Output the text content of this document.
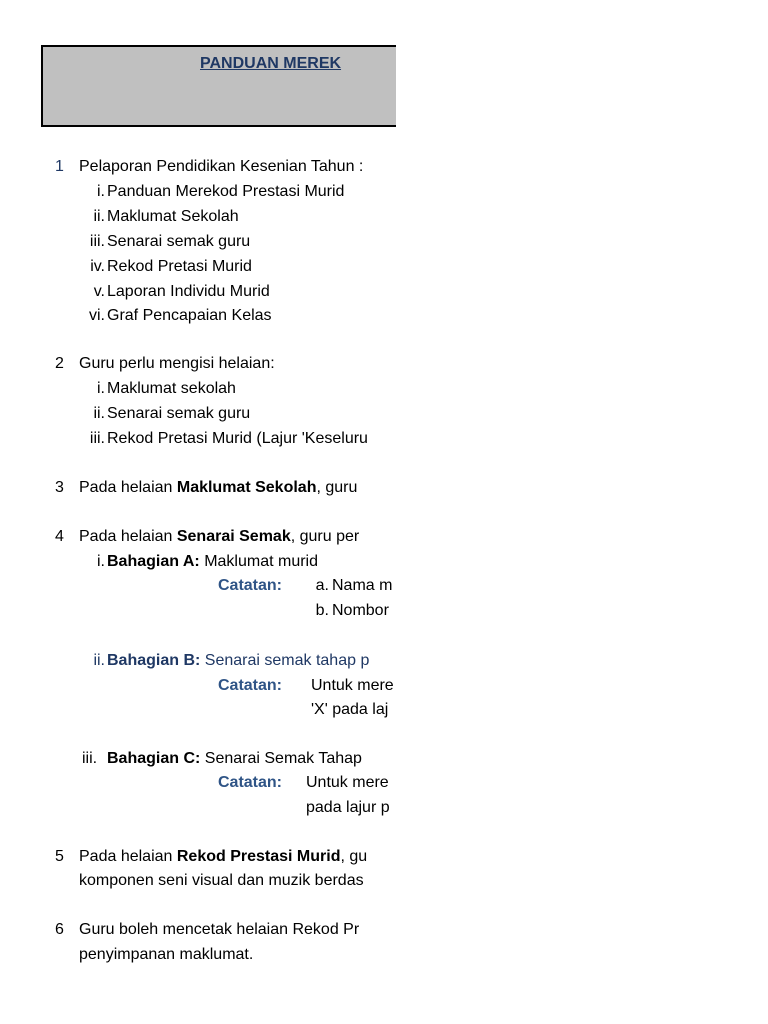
PANDUAN MEREK
1 Pelaporan Pendidikan Kesenian Tahun :
i. Panduan Merekod Prestasi Murid
ii. Maklumat Sekolah
iii. Senarai semak guru
iv. Rekod Pretasi Murid
v. Laporan Individu Murid
vi. Graf Pencapaian Kelas
2 Guru perlu mengisi helaian:
i. Maklumat sekolah
ii. Senarai semak guru
iii. Rekod Pretasi Murid (Lajur 'Keseluru
3 Pada helaian Maklumat Sekolah, guru
4 Pada helaian Senarai Semak, guru per
i. Bahagian A: Maklumat murid
Catatan:	a. Nama m
b. Nombor
ii. Bahagian B: Senarai semak tahap p
Catatan: Untuk mere
'X' pada laj
iii. Bahagian C: Senarai Semak Tahap
Catatan: Untuk mere
pada lajur p
5 Pada helaian Rekod Prestasi Murid, gu
komponen seni visual dan muzik berdas
6 Guru boleh mencetak helaian Rekod Pr
penyimpanan maklumat.
